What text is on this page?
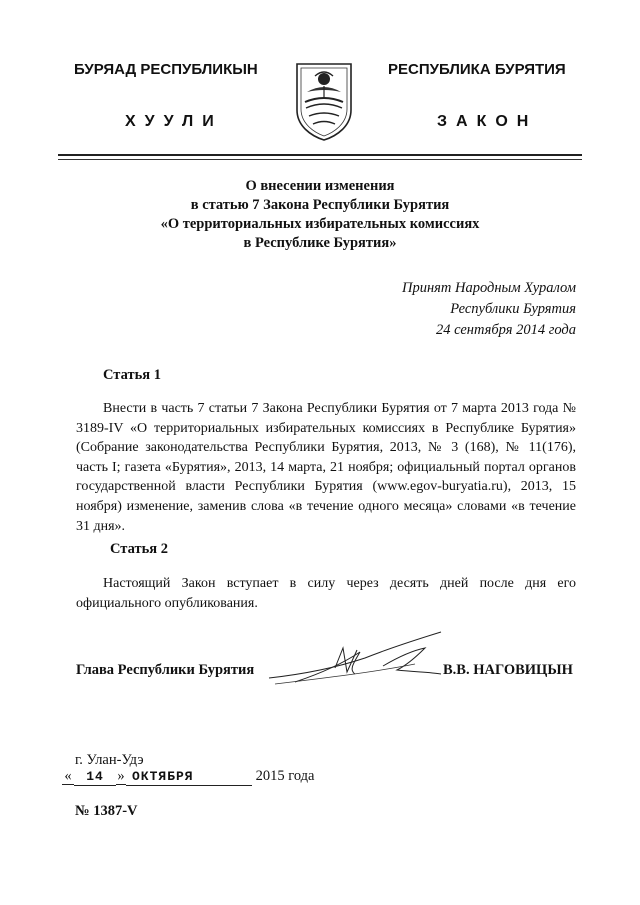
БУРЯАД РЕСПУБЛИКЫН
ХУУЛИ
РЕСПУБЛИКА БУРЯТИЯ
ЗАКОН
О внесении изменения
в статью 7 Закона Республики Бурятия
«О территориальных избирательных комиссиях
в Республике Бурятия»
Принят Народным Хуралом
Республики Бурятия
24 сентября 2014 года
Статья 1
Внести в часть 7 статьи 7 Закона Республики Бурятия от 7 марта 2013 года № 3189-IV «О территориальных избирательных комиссиях в Республике Бурятия» (Собрание законодательства Республики Бурятия, 2013, № 3 (168), № 11(176), часть I; газета «Бурятия», 2013, 14 марта, 21 ноября; официальный портал органов государственной власти Республики Бурятия (www.egov-buryatia.ru), 2013, 15 ноября) изменение, заменив слова «в течение одного месяца» словами «в течение 31 дня».
Статья 2
Настоящий Закон вступает в силу через десять дней после дня его официального опубликования.
Глава Республики Бурятия	В.В. НАГОВИЦЫН
г. Улан-Удэ
« 14 » ОКТЯБРЯ	2015 года
№ 1387-V
